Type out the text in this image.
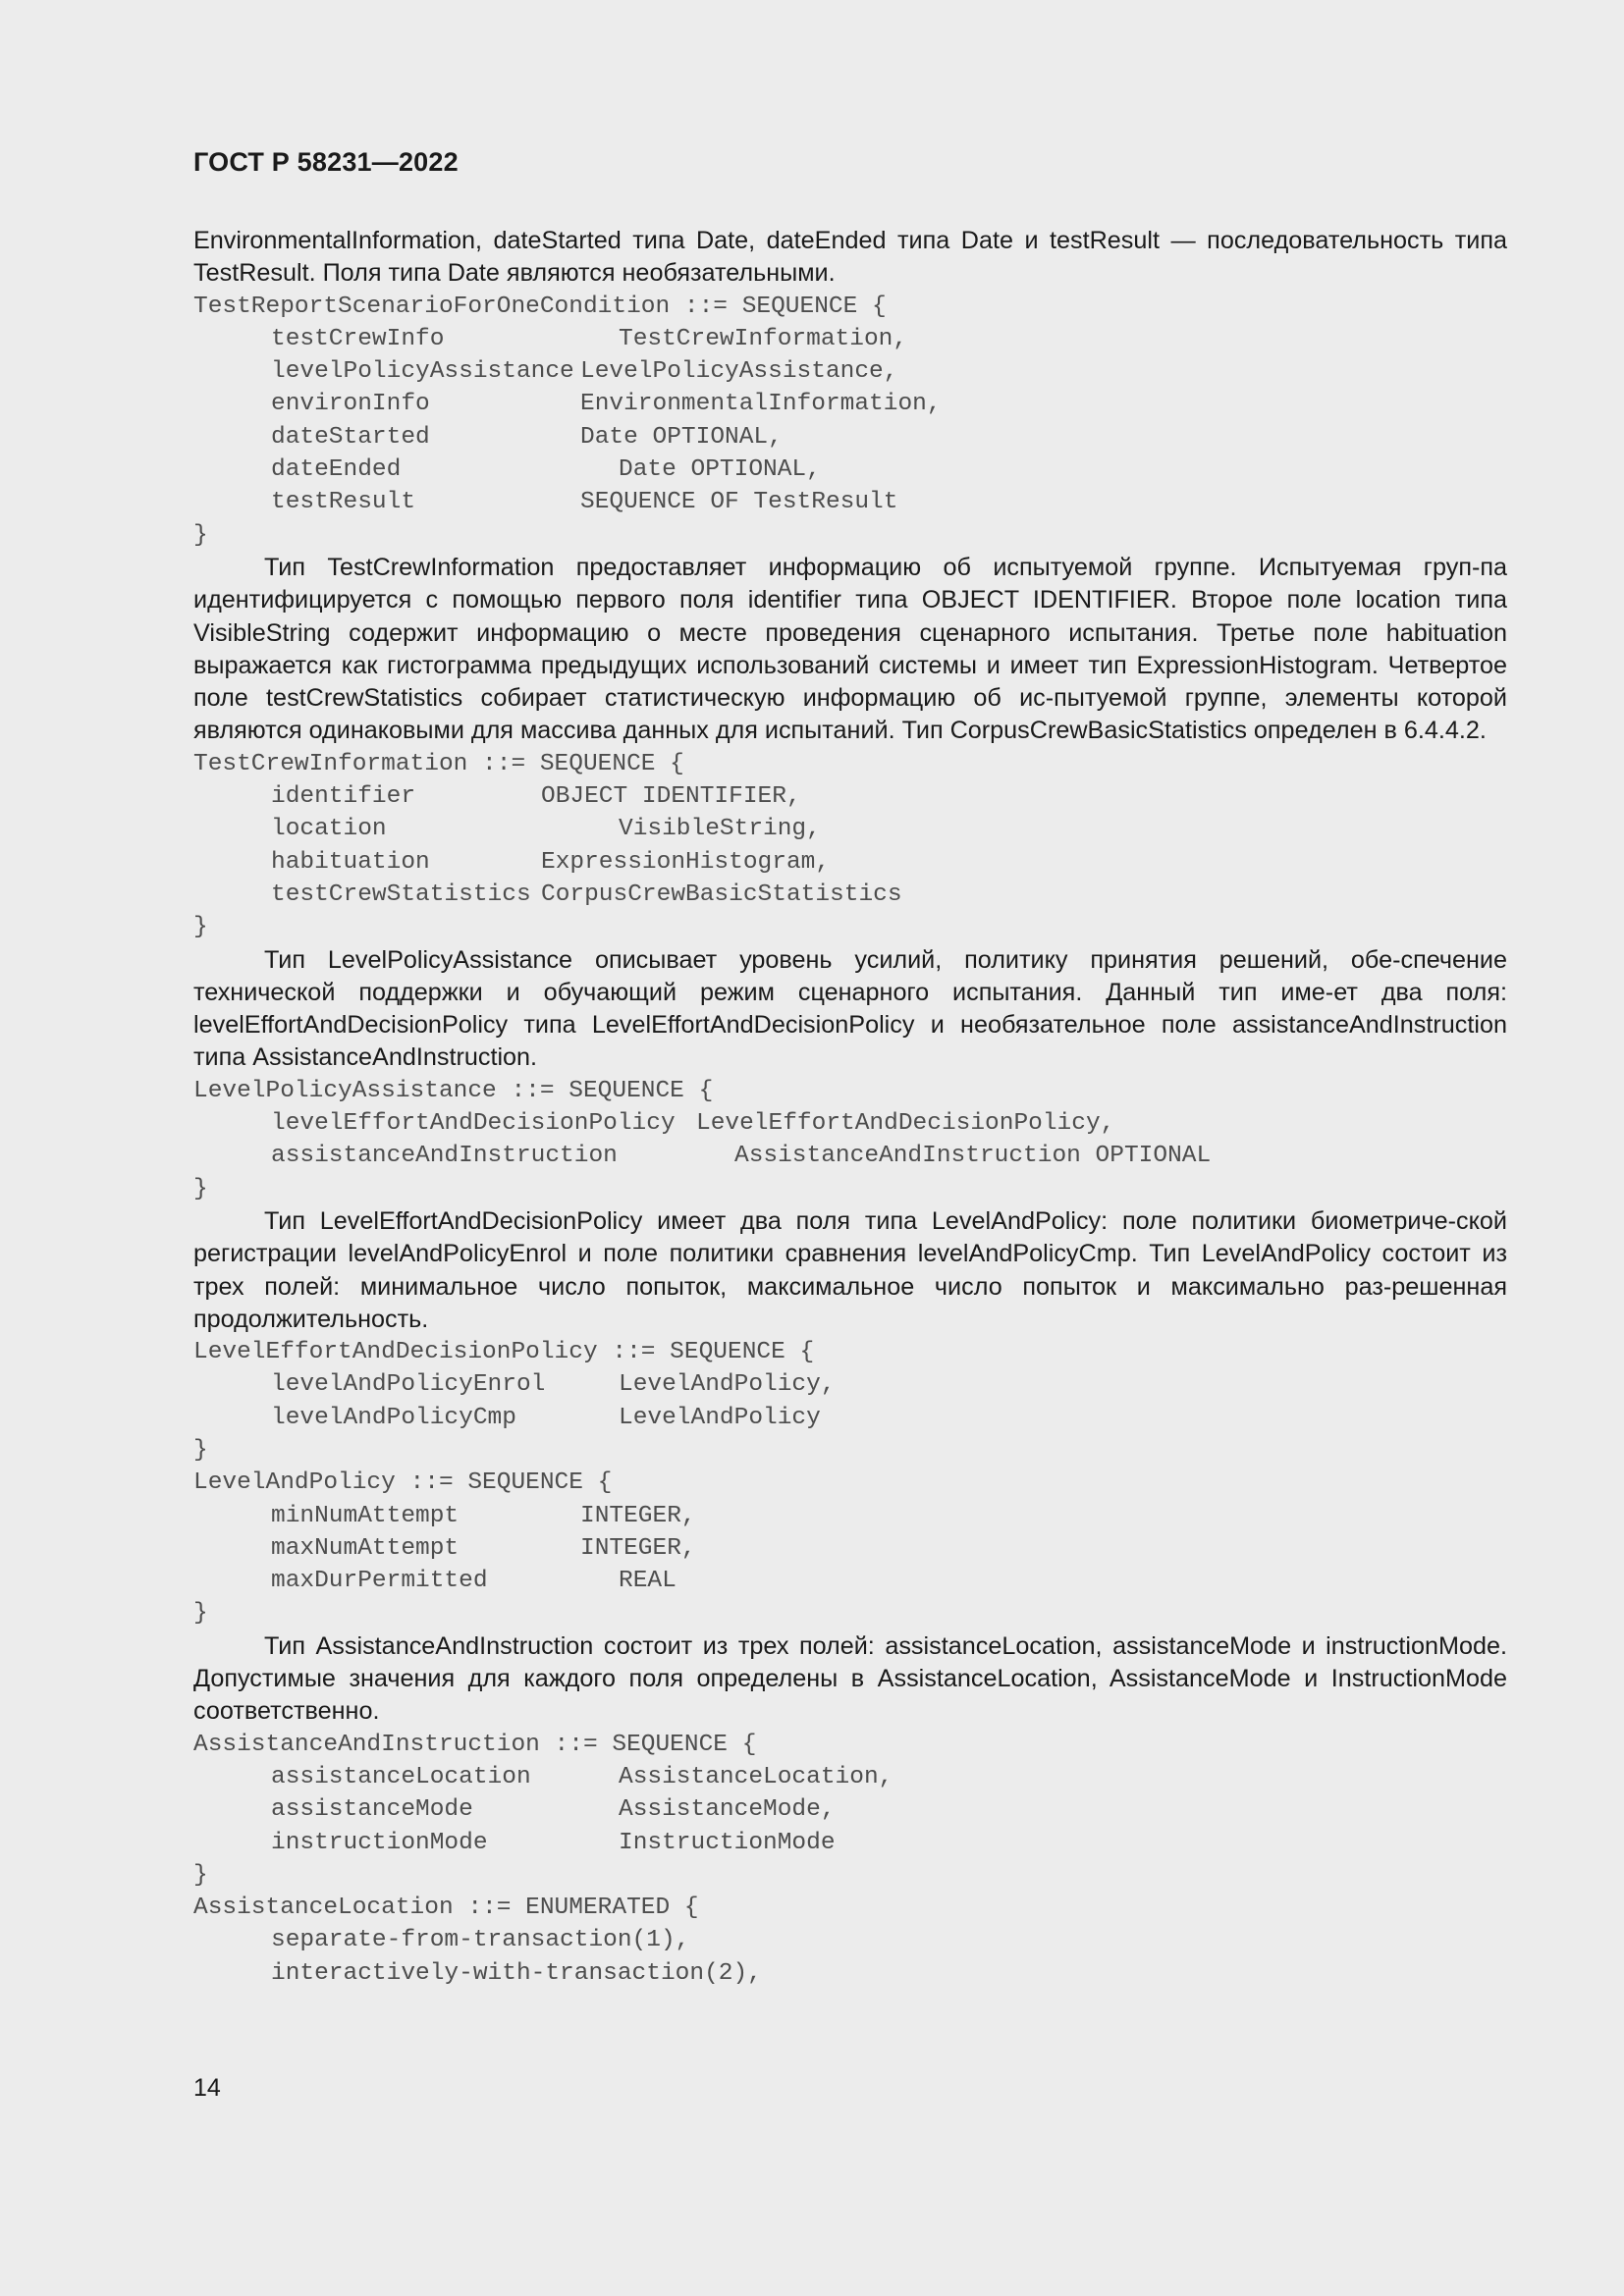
ГОСТ Р 58231—2022

EnvironmentalInformation, dateStarted типа Date, dateEnded типа Date и testResult — последовательность типа TestResult. Поля типа Date являются необязательными.

TestReportScenarioForOneCondition ::= SEQUENCE {
testCrewInfo	TestCrewInformation,
levelPolicyAssistance LevelPolicyAssistance,
environInfo	EnvironmentalInformation,
dateStarted	Date OPTIONAL,
dateEnded	Date OPTIONAL,
testResult	SEQUENCE OF TestResult
}

Тип TestCrewInformation предоставляет информацию об испытуемой группе. Испытуемая груп-па идентифицируется с помощью первого поля identifier типа OBJECT IDENTIFIER. Второе поле location типа VisibleString содержит информацию о месте проведения сценарного испытания. Третье поле habituation выражается как гистограмма предыдущих использований системы и имеет тип ExpressionHistogram. Четвертое поле testCrewStatistics собирает статистическую информацию об ис-пытуемой группе, элементы которой являются одинаковыми для массива данных для испытаний. Тип CorpusCrewBasicStatistics определен в 6.4.4.2.

TestCrewInformation ::= SEQUENCE {
identifier	OBJECT IDENTIFIER,
location	VisibleString,
habituation	ExpressionHistogram,
testCrewStatistics CorpusCrewBasicStatistics
}

Тип LevelPolicyAssistance описывает уровень усилий, политику принятия решений, обе-спечение технической поддержки и обучающий режим сценарного испытания. Данный тип име-ет два поля: levelEffortAndDecisionPolicy типа LevelEffortAndDecisionPolicy и необязательное поле assistanceAndInstruction типа AssistanceAndInstruction.

LevelPolicyAssistance ::= SEQUENCE {
levelEffortAndDecisionPolicy LevelEffortAndDecisionPolicy,
assistanceAndInstruction	AssistanceAndInstruction OPTIONAL
}

Тип LevelEffortAndDecisionPolicy имеет два поля типа LevelAndPolicy: поле политики биометриче-ской регистрации levelAndPolicyEnrol и поле политики сравнения levelAndPolicyCmp. Тип LevelAndPolicy состоит из трех полей: минимальное число попыток, максимальное число попыток и максимально раз-решенная продолжительность.

LevelEffortAndDecisionPolicy ::= SEQUENCE {
levelAndPolicyEnrol	LevelAndPolicy,
levelAndPolicyCmp	LevelAndPolicy
}
LevelAndPolicy ::= SEQUENCE {
minNumAttempt	INTEGER,
maxNumAttempt	INTEGER,
maxDurPermitted	REAL
}

Тип AssistanceAndInstruction состоит из трех полей: assistanceLocation, assistanceMode и instructionMode. Допустимые значения для каждого поля определены в AssistanceLocation, AssistanceMode и InstructionMode соответственно.

AssistanceAndInstruction ::= SEQUENCE {
assistanceLocation	AssistanceLocation,
assistanceMode	AssistanceMode,
instructionMode	InstructionMode
}
AssistanceLocation ::= ENUMERATED {
separate-from-transaction(1),
interactively-with-transaction(2),
14
